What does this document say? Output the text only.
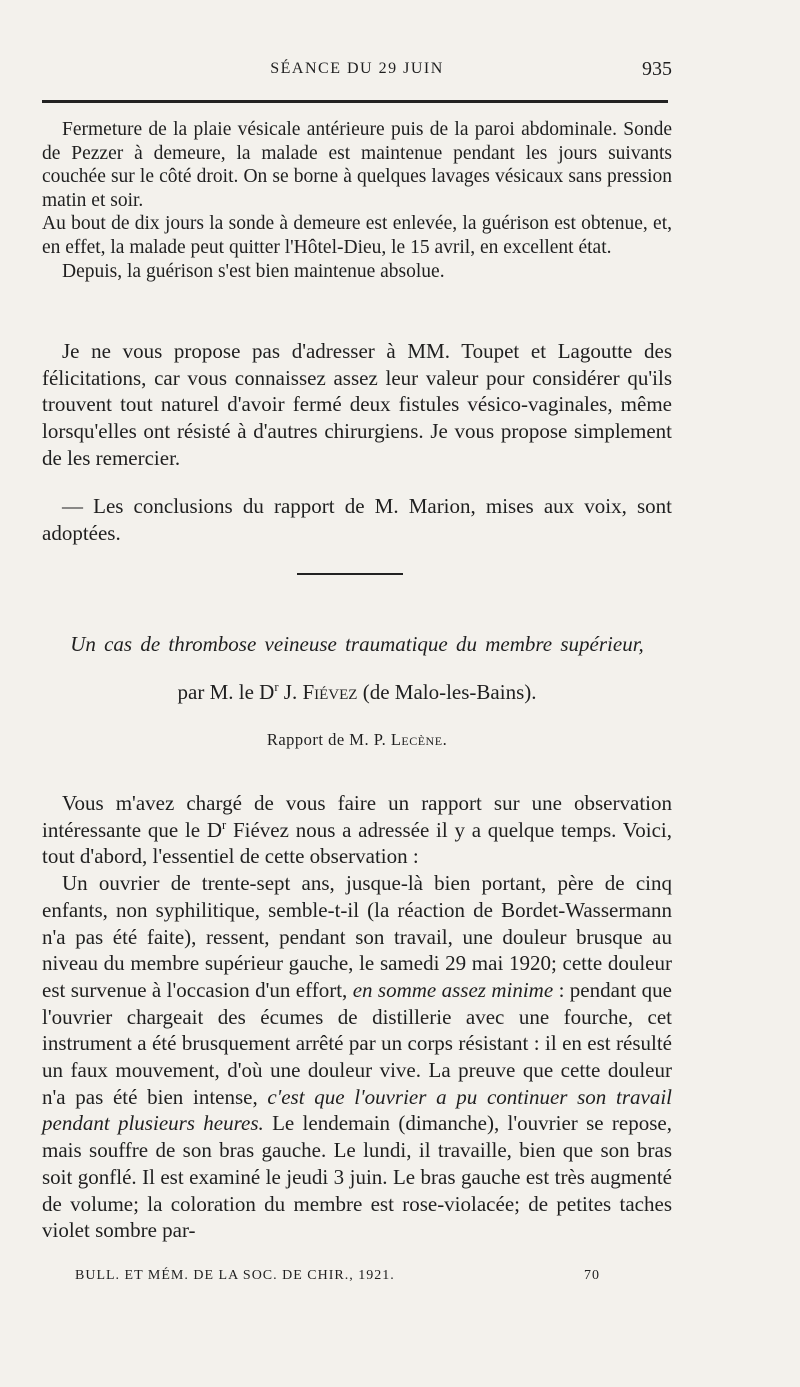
SÉANCE DU 29 JUIN	935

Fermeture de la plaie vésicale antérieure puis de la paroi abdominale. Sonde de Pezzer à demeure, la malade est maintenue pendant les jours suivants couchée sur le côté droit. On se borne à quelques lavages vésicaux sans pression matin et soir.

Au bout de dix jours la sonde à demeure est enlevée, la guérison est obtenue, et, en effet, la malade peut quitter l'Hôtel-Dieu, le 15 avril, en excellent état.

Depuis, la guérison s'est bien maintenue absolue.

Je ne vous propose pas d'adresser à MM. Toupet et Lagoutte des félicitations, car vous connaissez assez leur valeur pour considérer qu'ils trouvent tout naturel d'avoir fermé deux fistules vésico-vaginales, même lorsqu'elles ont résisté à d'autres chirurgiens. Je vous propose simplement de les remercier.

— Les conclusions du rapport de M. Marion, mises aux voix, sont adoptées.

Un cas de thrombose veineuse traumatique du membre supérieur,
par M. le $D^r$ J. Fiévez (de Malo-les-Bains).
Rapport de M. P. Lecène.

Vous m'avez chargé de vous faire un rapport sur une observation intéressante que le $D^r$ Fiévez nous a adressée il y a quelque temps. Voici, tout d'abord, l'essentiel de cette observation :

Un ouvrier de trente-sept ans, jusque-là bien portant, père de cinq enfants, non syphilitique, semble-t-il (la réaction de Bordet-Wassermann n'a pas été faite), ressent, pendant son travail, une douleur brusque au niveau du membre supérieur gauche, le samedi 29 mai 1920; cette douleur est survenue à l'occasion d'un effort, en somme assez minime : pendant que l'ouvrier chargeait des écumes de distillerie avec une fourche, cet instrument a été brusquement arrêté par un corps résistant : il en est résulté un faux mouvement, d'où une douleur vive. La preuve que cette douleur n'a pas été bien intense, c'est que l'ouvrier a pu continuer son travail pendant plusieurs heures. Le lendemain (dimanche), l'ouvrier se repose, mais souffre de son bras gauche. Le lundi, il travaille, bien que son bras soit gonflé. Il est examiné le jeudi 3 juin. Le bras gauche est très augmenté de volume; la coloration du membre est rose-violacée; de petites taches violet sombre par-

BULL. ET MÉM. DE LA SOC. DE CHIR., 1921.	70
